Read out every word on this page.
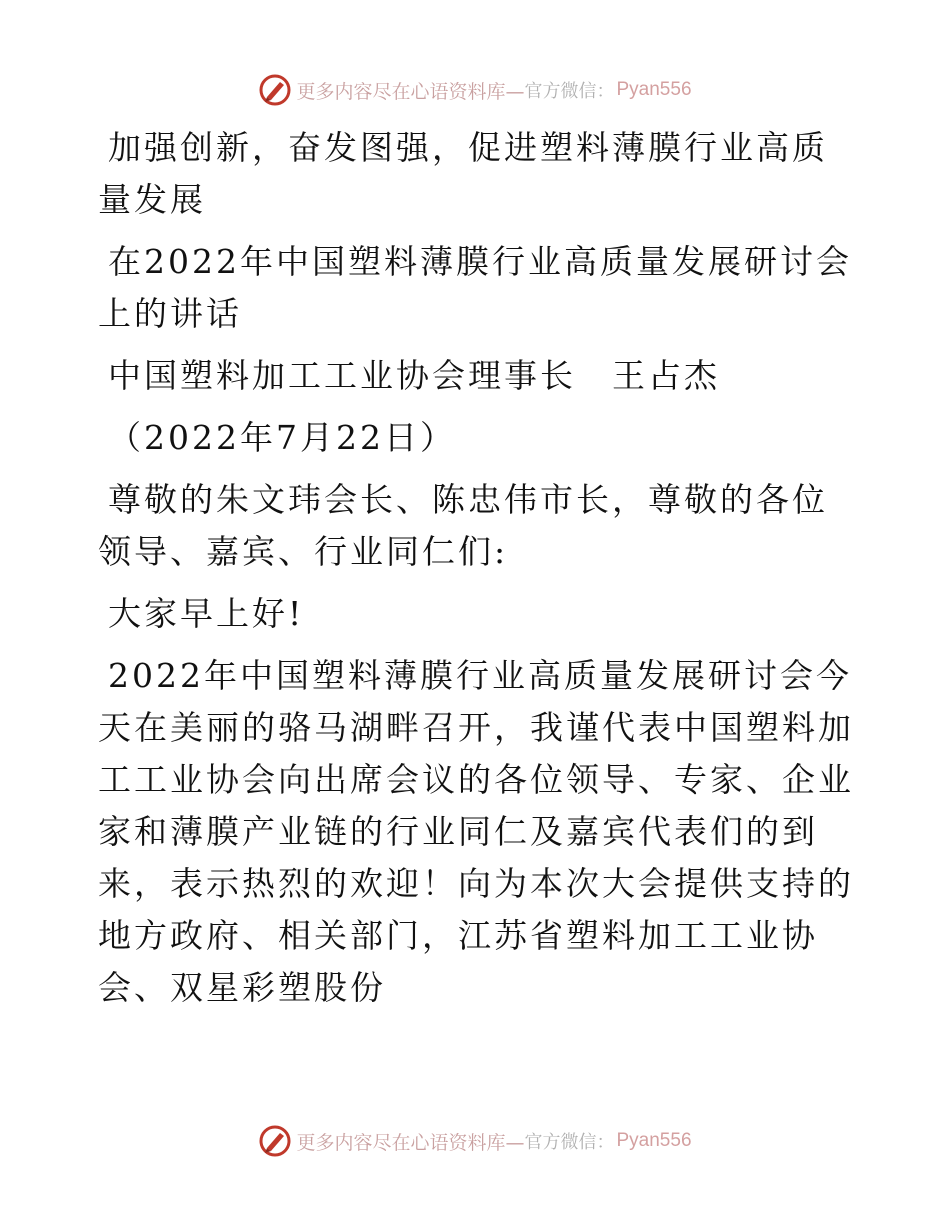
更多内容尽在心语资料库— 官方微信： Pyan556

加强创新，奋发图强，促进塑料薄膜行业高质量发展

在2022年中国塑料薄膜行业高质量发展研讨会上的讲话

中国塑料加工工业协会理事长　王占杰

（2022年7月22日）

尊敬的朱文玮会长、陈忠伟市长，尊敬的各位领导、嘉宾、行业同仁们:

大家早上好!

2022年中国塑料薄膜行业高质量发展研讨会今天在美丽的骆马湖畔召开，我谨代表中国塑料加工工业协会向出席会议的各位领导、专家、企业家和薄膜产业链的行业同仁及嘉宾代表们的到来，表示热烈的欢迎！向为本次大会提供支持的地方政府、相关部门，江苏省塑料加工工业协会、双星彩塑股份

更多内容尽在心语资料库— 官方微信： Pyan556
